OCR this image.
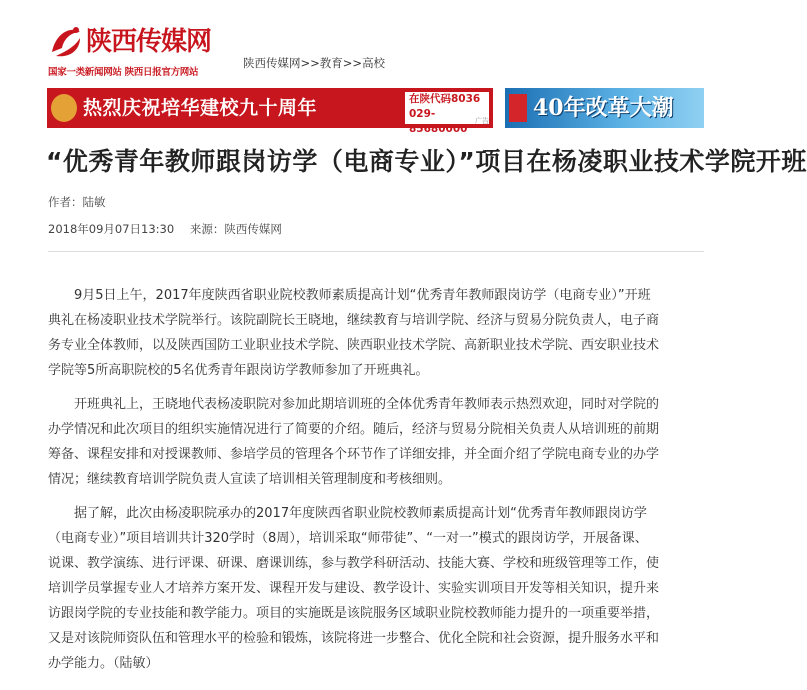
陕西传媒网
国家一类新闻网站 陕西日报官方网站
陕西传媒网>>教育>>高校
热烈庆祝培华建校九十周年	在陕代码8036
029-85680000
广告 40年改革大潮
“优秀青年教师跟岗访学（电商专业）”项目在杨凌职业技术学院开班
作者：陆敏
2018年09月07日13:30 来源：陕西传媒网

9月5日上午，2017年度陕西省职业院校教师素质提高计划“优秀青年教师跟岗访学（电商专业）”开班典礼在杨凌职业技术学院举行。该院副院长王晓地，继续教育与培训学院、经济与贸易分院负责人，电子商务专业全体教师，以及陕西国防工业职业技术学院、陕西职业技术学院、高新职业技术学院、西安职业技术学院等5所高职院校的5名优秀青年跟岗访学教师参加了开班典礼。

开班典礼上，王晓地代表杨凌职院对参加此期培训班的全体优秀青年教师表示热烈欢迎，同时对学院的办学情况和此次项目的组织实施情况进行了简要的介绍。随后，经济与贸易分院相关负责人从培训班的前期筹备、课程安排和对授课教师、参培学员的管理各个环节作了详细安排，并全面介绍了学院电商专业的办学情况；继续教育培训学院负责人宣读了培训相关管理制度和考核细则。

据了解，此次由杨凌职院承办的2017年度陕西省职业院校教师素质提高计划“优秀青年教师跟岗访学（电商专业）”项目培训共计320学时（8周），培训采取“师带徒”、“一对一”模式的跟岗访学，开展备课、说课、教学演练、进行评课、研课、磨课训练，参与教学科研活动、技能大赛、学校和班级管理等工作，使培训学员掌握专业人才培养方案开发、课程开发与建设、教学设计、实验实训项目开发等相关知识，提升来访跟岗学院的专业技能和教学能力。项目的实施既是该院服务区域职业院校教师能力提升的一项重要举措，又是对该院师资队伍和管理水平的检验和锻炼，该院将进一步整合、优化全院和社会资源，提升服务水平和办学能力。（陆敏）
